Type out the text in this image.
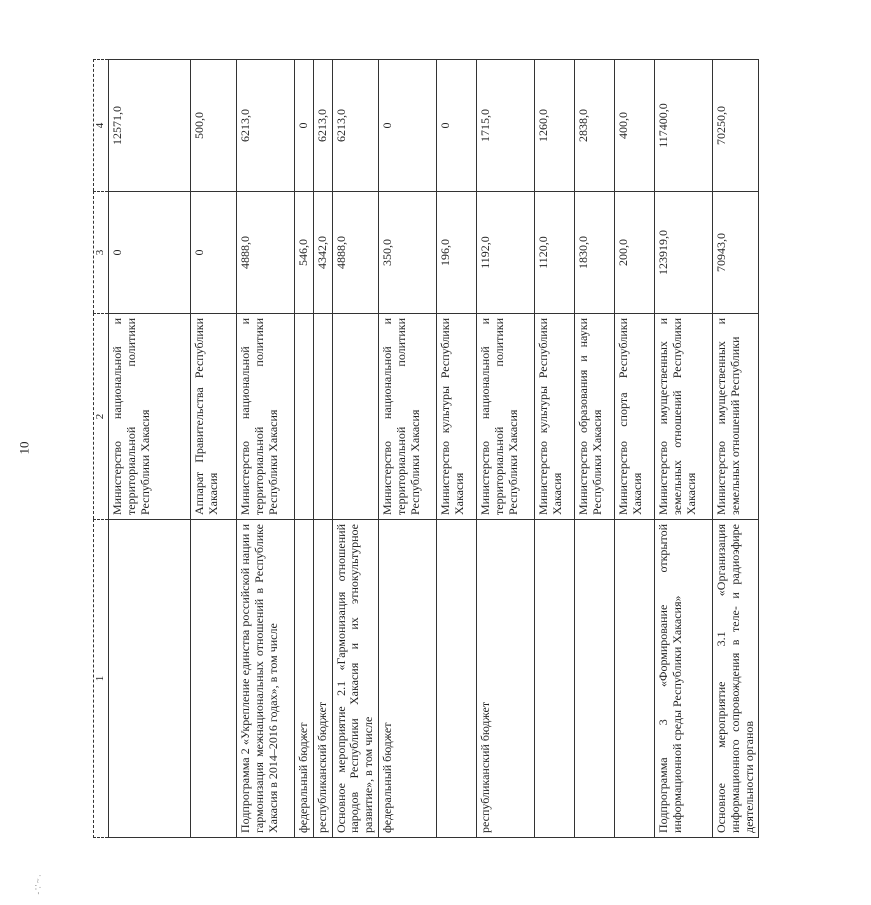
10
- '.' ~ .
1	2	3	4
	Министерство национальной и территориальной политики Республики Хакасия	0	12571,0
	Аппарат Правительства Республики Хакасия	0	500,0
Подпрограмма 2 «Укрепление единства российской нации и гармонизация межнациональных отношений в Республике Хакасия в 2014–2016 годах», в том числе	Министерство национальной и территориальной политики Республики Хакасия	4888,0	6213,0
федеральный бюджет		546,0	0
республиканский бюджет		4342,0	6213,0
Основное мероприятие 2.1 «Гармонизация отношений народов Республики Хакасия и их этнокультурное развитие», в том числе		4888,0	6213,0
федеральный бюджет	Министерство национальной и территориальной политики Республики Хакасия	350,0	0
	Министерство культуры Республики Хакасия	196,0	0
республиканский бюджет	Министерство национальной и территориальной политики Республики Хакасия	1192,0	1715,0
	Министерство культуры Республики Хакасия	1120,0	1260,0
	Министерство образования и науки Республики Хакасия	1830,0	2838,0
	Министерство спорта Республики Хакасия	200,0	400,0
Подпрограмма 3 «Формирование открытой информационной среды Республики Хакасия»	Министерство имущественных и земельных отношений Республики Хакасия	123919,0	117400,0
Основное мероприятие 3.1 «Организация информационного сопровождения в теле- и радиоэфире деятельности органов	Министерство имущественных и земельных отношений Республики	70943,0	70250,0
